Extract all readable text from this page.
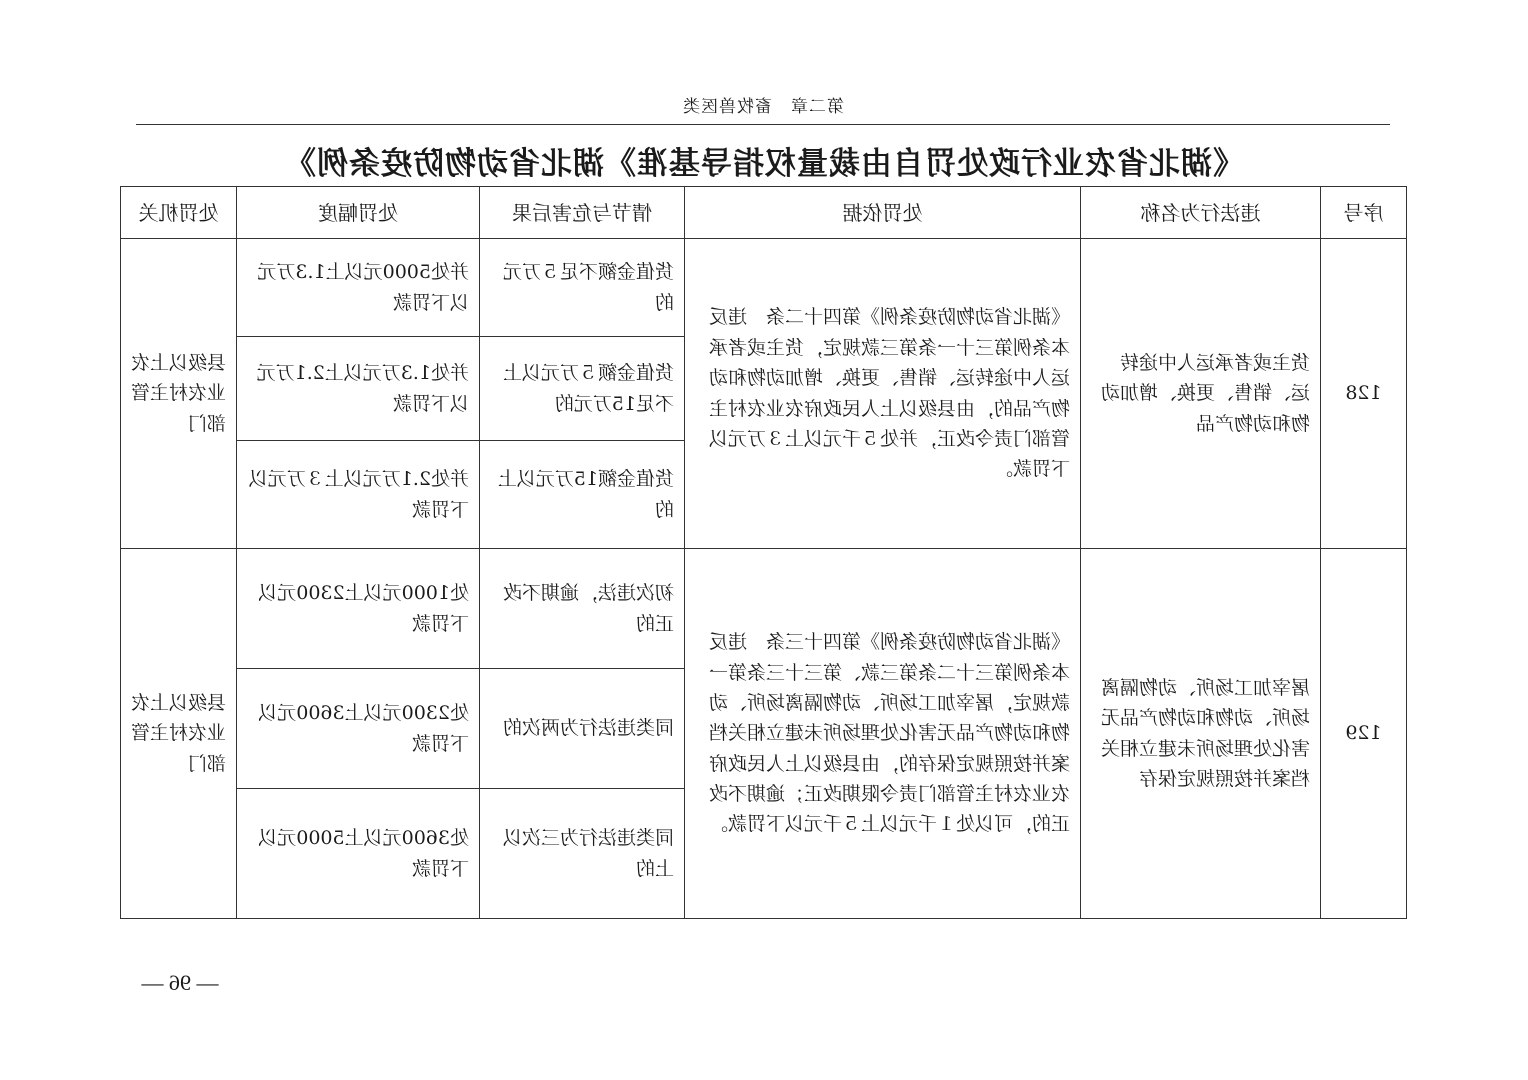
第二章　畜牧兽医类
《湖北省农业行政处罚自由裁量权指导基准》湖北省动物防疫条例》
序号	违法行为名称	处罚依据	情节与危害后果	处罚幅度	处罚机关
128	货主或者承运人中途转运、销售、更换、增加动物和动物产品	《湖北省动物防疫条例》第四十二条　违反本条例第三十一条第三款规定，货主或者承运人中途转运、销售、更换、增加动物和动物产品的，由县级以上人民政府农业农村主管部门责令改正，并处５千元以上３万元以下罚款。	货值金额不足５万元的	并处5000元以上1.3万元以下罚款	县级以上农业农村主管部门
			货值金额５万元以上不足15万元的	并处1.3万元以上2.1万元以下罚款	
			货值金额15万元以上的	并处2.1万元以上３万元以下罚款	
129	屠宰加工场所、动物隔离场所、动物和动物产品无害化处理场所未建立相关档案并按照规定保存	《湖北省动物防疫条例》第四十三条　违反本条例第三十二条第三款、第三十三条第一款规定，屠宰加工场所、动物隔离场所、动物和动物产品无害化处理场所未建立相关档案并按照规定保存的，由县级以上人民政府农业农村主管部门责令限期改正；逾期不改正的，可以处１千元以上５千元以下罚款。	初次违法，逾期不改正的	处1000元以上2300元以下罚款	县级以上农业农村主管部门
			同类违法行为两次的	处2300元以上3600元以下罚款	
			同类违法行为三次以上的	处3600元以上5000元以下罚款	
— 96 —
